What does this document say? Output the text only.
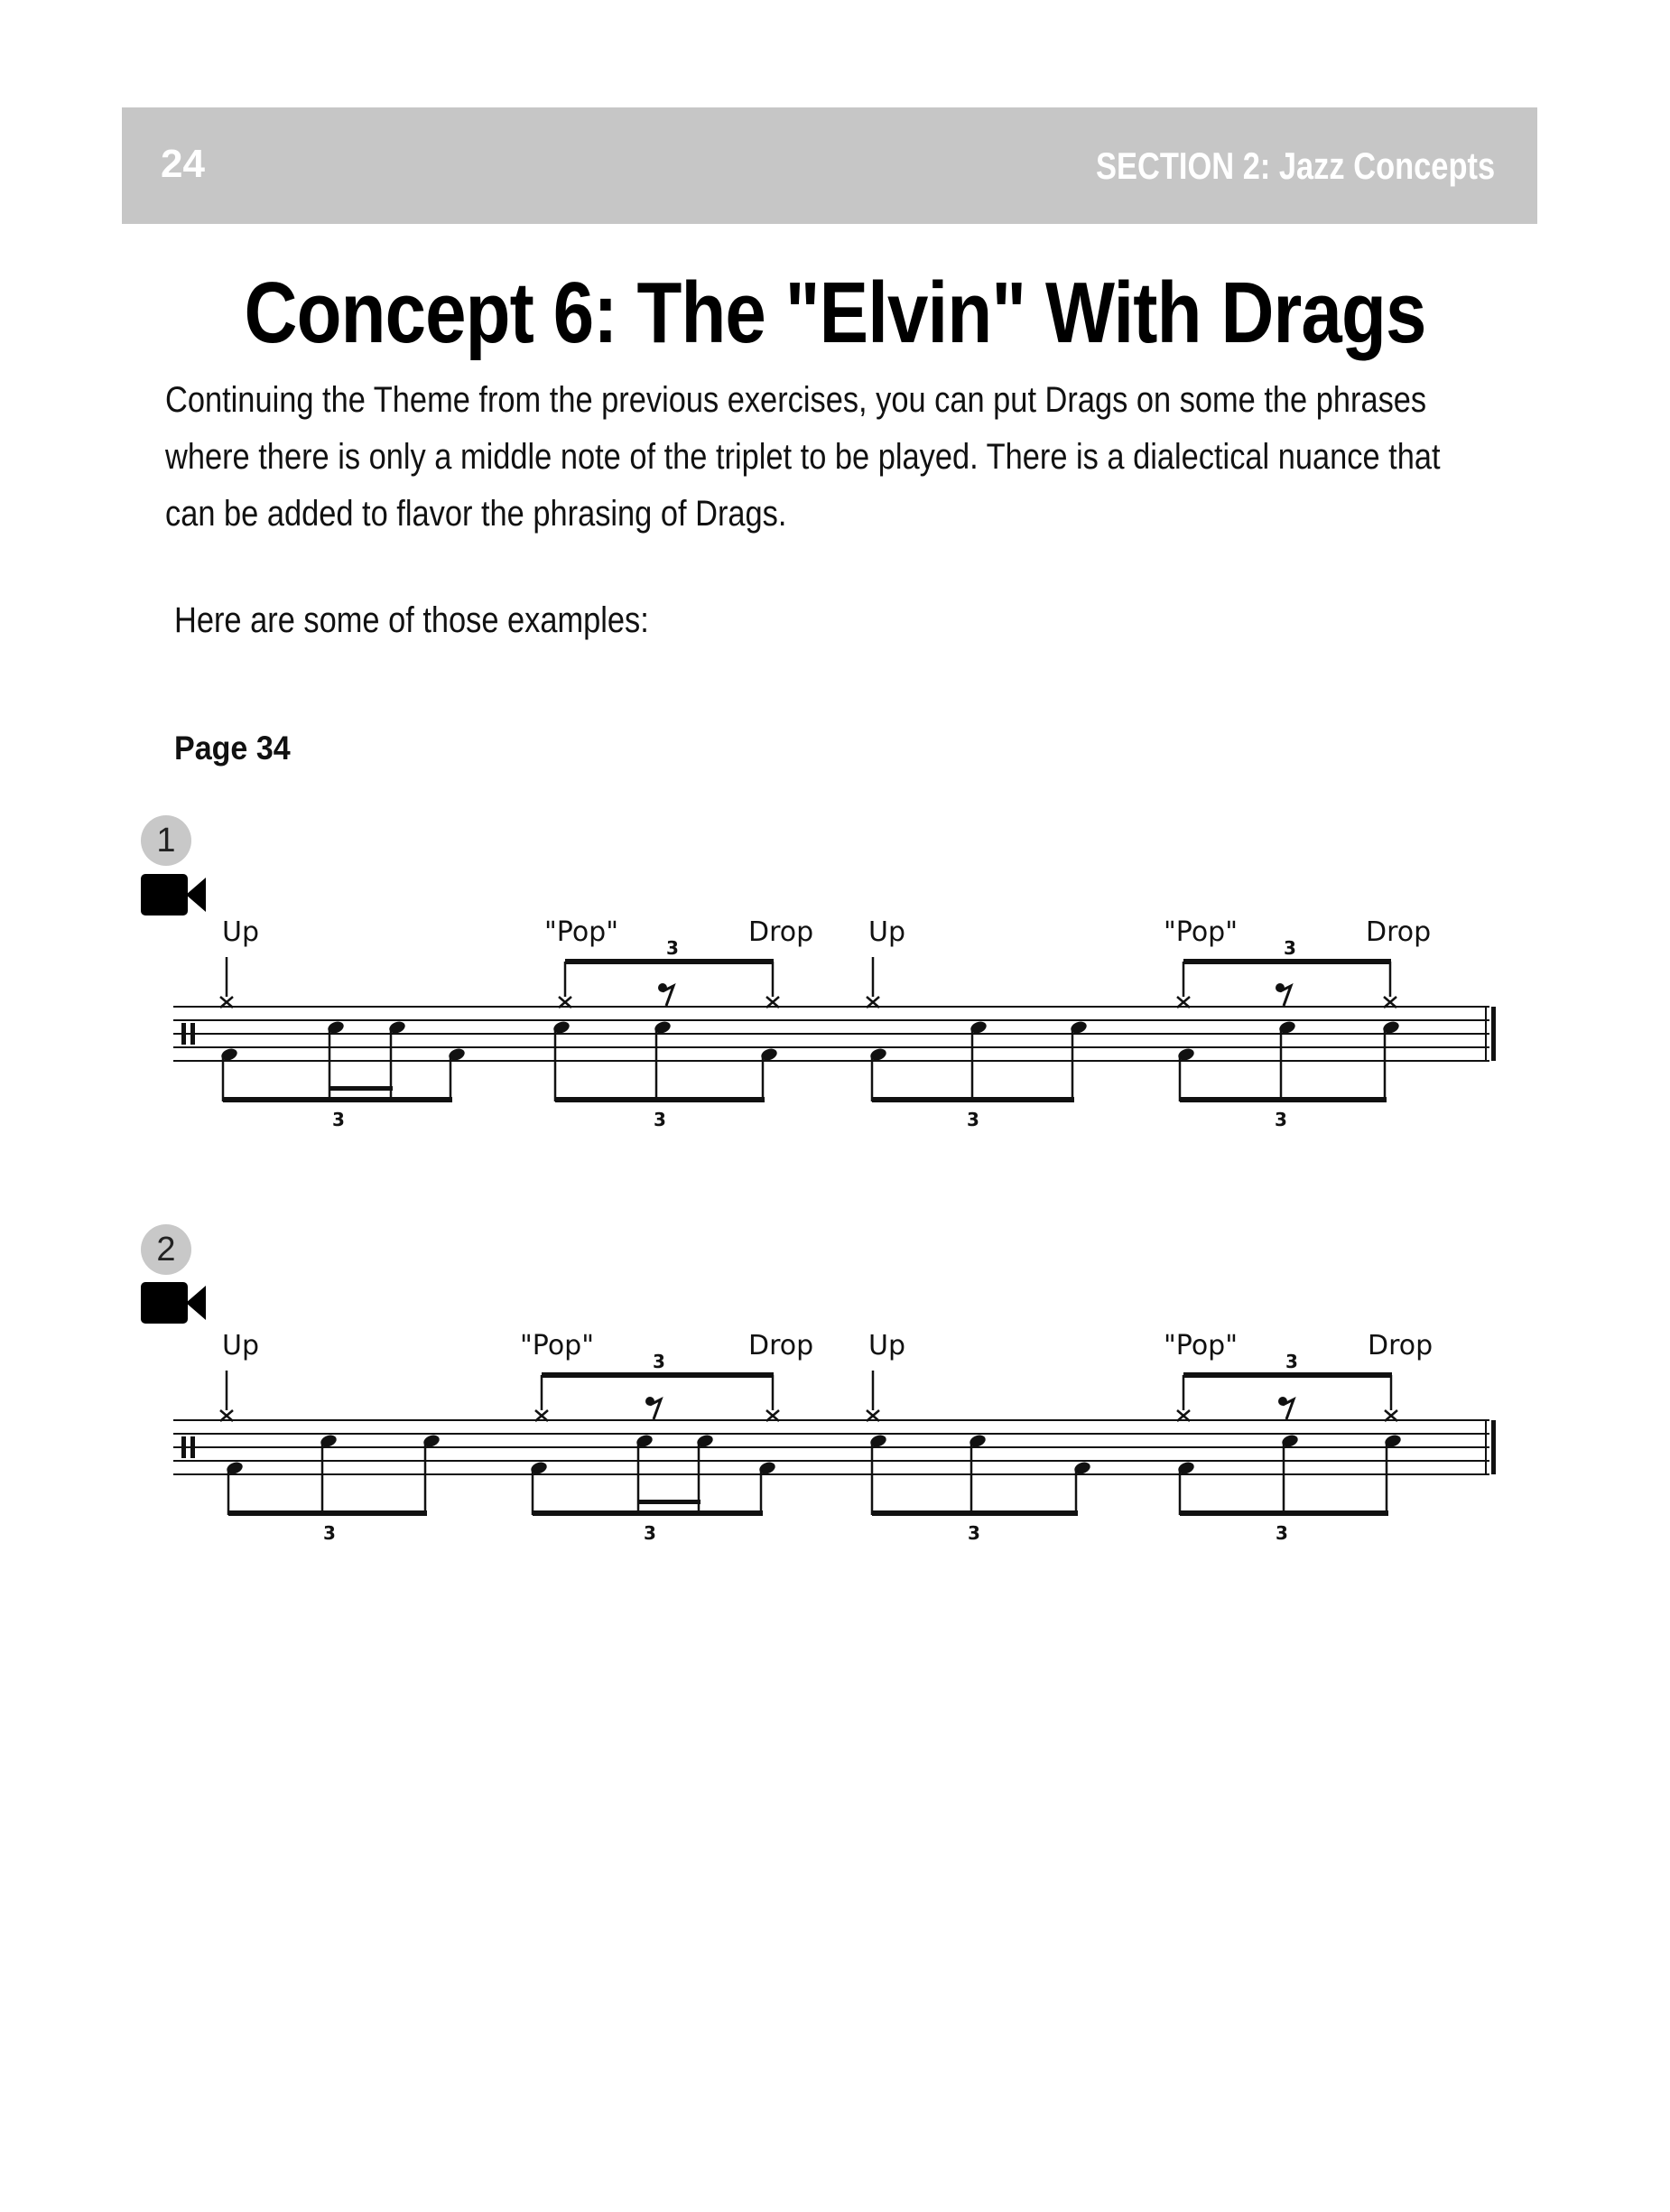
24	SECTION 2: Jazz Concepts
Concept 6: The "Elvin" With Drags

Continuing the Theme from the previous exercises, you can put Drags on some the phrases

where there is only a middle note of the triplet to be played. There is a dialectical nuance that

can be added to flavor the phrasing of Drags.

Here are some of those examples:
Page 34
1
Up	"Pop"	Drop Up	"Pop"	Drop
3	3
3	3	3	3
2
Up	"Pop"	Drop Up	"Pop"	Drop
3	3
3	3	3	3
